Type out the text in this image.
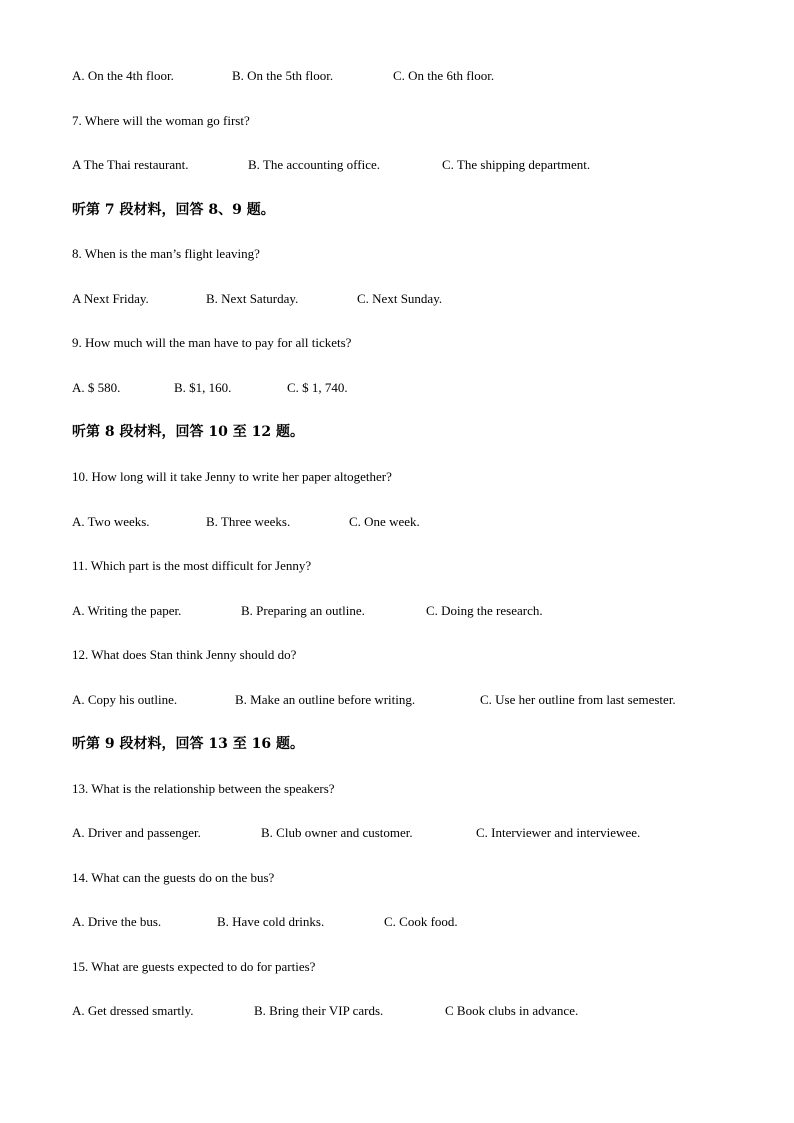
A. On the 4th floor.	B. On the 5th floor.	C. On the 6th floor.
7. Where will the woman go first?
A The Thai restaurant.	B. The accounting office.	C. The shipping department.
听第 7 段材料，回答 8、9 题。
8. When is the man’s flight leaving?
A Next Friday.	B. Next Saturday.	C. Next Sunday.
9. How much will the man have to pay for all tickets?
A. $ 580.	B. $1, 160.	C. $ 1, 740.
听第 8 段材料，回答 10 至 12 题。
10. How long will it take Jenny to write her paper altogether?
A. Two weeks.	B. Three weeks.	C. One week.
11. Which part is the most difficult for Jenny?
A. Writing the paper.	B. Preparing an outline.	C. Doing the research.
12. What does Stan think Jenny should do?
A. Copy his outline.	B. Make an outline before writing.	C. Use her outline from last semester.
听第 9 段材料，回答 13 至 16 题。
13. What is the relationship between the speakers?
A. Driver and passenger.	B. Club owner and customer.	C. Interviewer and interviewee.
14. What can the guests do on the bus?
A. Drive the bus.	B. Have cold drinks.	C. Cook food.
15. What are guests expected to do for parties?
A. Get dressed smartly.	B. Bring their VIP cards.	C Book clubs in advance.
